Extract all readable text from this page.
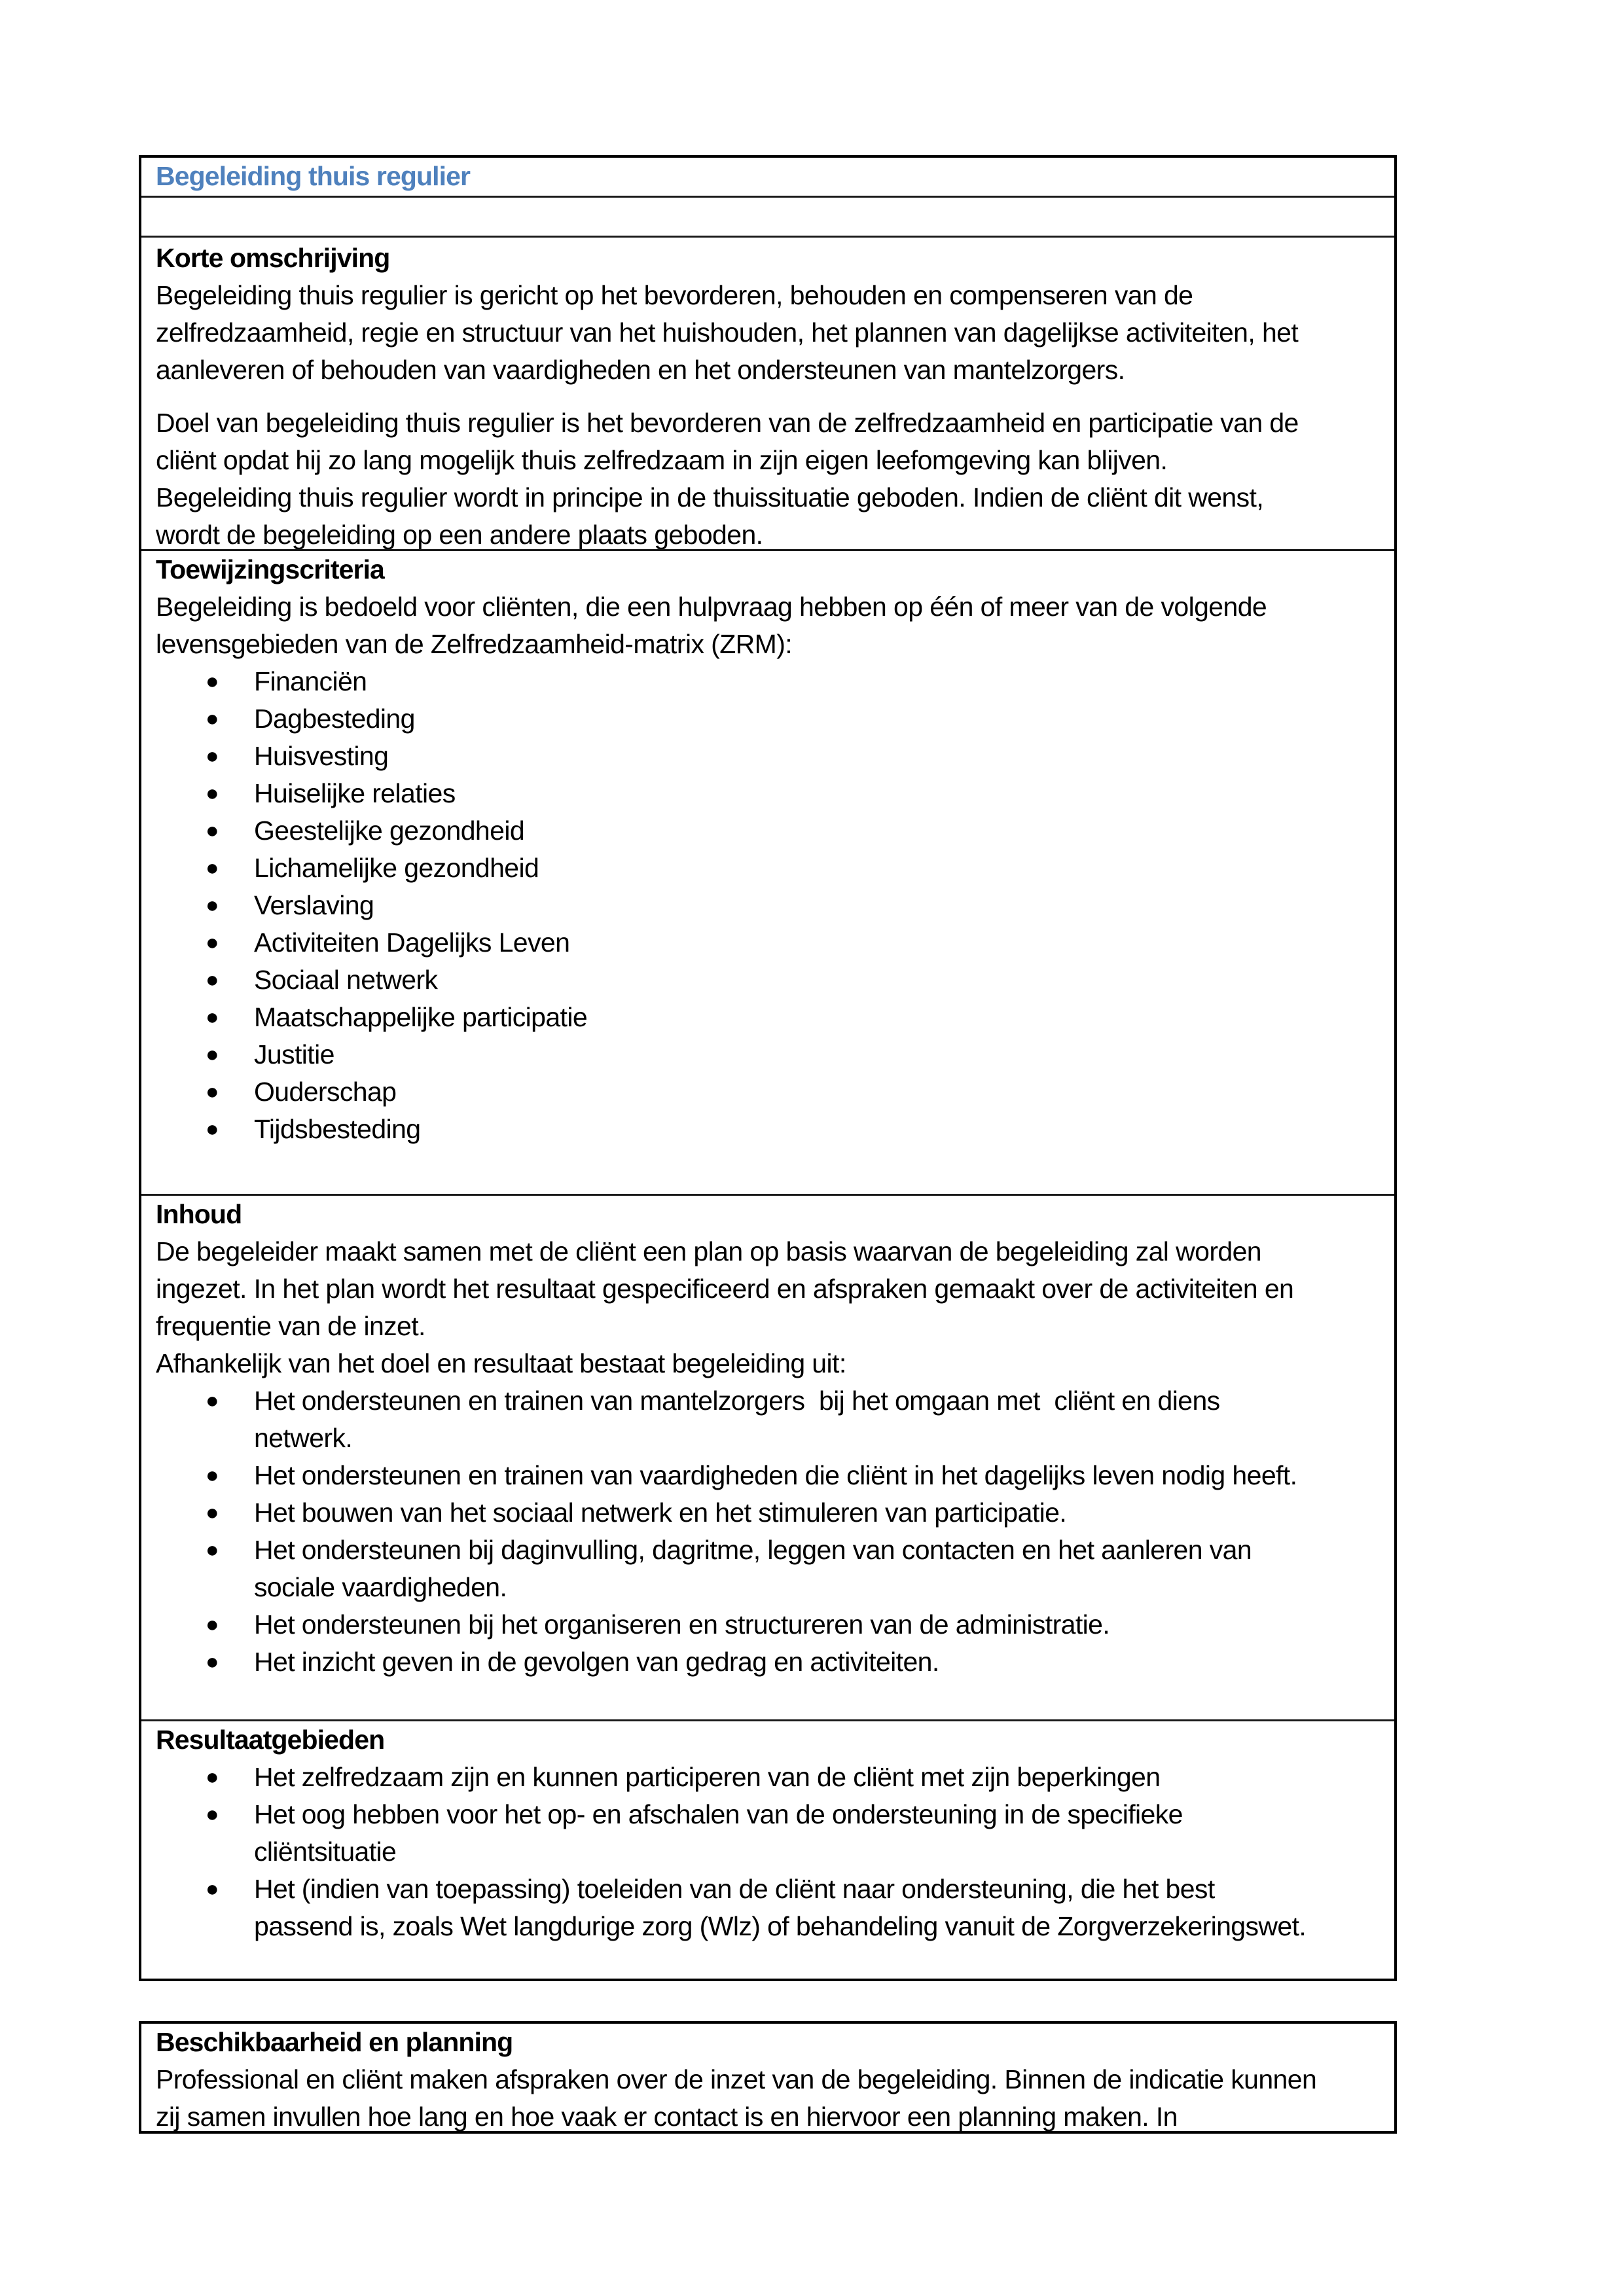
Begeleiding thuis regulier
Korte omschrijving
Begeleiding thuis regulier is gericht op het bevorderen, behouden en compenseren van de
zelfredzaamheid, regie en structuur van het huishouden, het plannen van dagelijkse activiteiten, het
aanleveren of behouden van vaardigheden en het ondersteunen van mantelzorgers.
Doel van begeleiding thuis regulier is het bevorderen van de zelfredzaamheid en participatie van de
cliënt opdat hij zo lang mogelijk thuis zelfredzaam in zijn eigen leefomgeving kan blijven.
Begeleiding thuis regulier wordt in principe in de thuissituatie geboden. Indien de cliënt dit wenst,
wordt de begeleiding op een andere plaats geboden.
Toewijzingscriteria
Begeleiding is bedoeld voor cliënten, die een hulpvraag hebben op één of meer van de volgende
levensgebieden van de Zelfredzaamheid-matrix (ZRM):
● Financiën
● Dagbesteding
● Huisvesting
● Huiselijke relaties
● Geestelijke gezondheid
● Lichamelijke gezondheid
● Verslaving
● Activiteiten Dagelijks Leven
● Sociaal netwerk
● Maatschappelijke participatie
● Justitie
● Ouderschap
● Tijdsbesteding
Inhoud
De begeleider maakt samen met de cliënt een plan op basis waarvan de begeleiding zal worden
ingezet. In het plan wordt het resultaat gespecificeerd en afspraken gemaakt over de activiteiten en
frequentie van de inzet.
Afhankelijk van het doel en resultaat bestaat begeleiding uit:
● Het ondersteunen en trainen van mantelzorgers  bij het omgaan met  cliënt en diens
netwerk.
● Het ondersteunen en trainen van vaardigheden die cliënt in het dagelijks leven nodig heeft.
● Het bouwen van het sociaal netwerk en het stimuleren van participatie.
● Het ondersteunen bij daginvulling, dagritme, leggen van contacten en het aanleren van
sociale vaardigheden.
● Het ondersteunen bij het organiseren en structureren van de administratie.
● Het inzicht geven in de gevolgen van gedrag en activiteiten.
Resultaatgebieden
● Het zelfredzaam zijn en kunnen participeren van de cliënt met zijn beperkingen
● Het oog hebben voor het op- en afschalen van de ondersteuning in de specifieke
cliëntsituatie
● Het (indien van toepassing) toeleiden van de cliënt naar ondersteuning, die het best
passend is, zoals Wet langdurige zorg (Wlz) of behandeling vanuit de Zorgverzekeringswet.
Beschikbaarheid en planning
Professional en cliënt maken afspraken over de inzet van de begeleiding. Binnen de indicatie kunnen
zij samen invullen hoe lang en hoe vaak er contact is en hiervoor een planning maken. In
